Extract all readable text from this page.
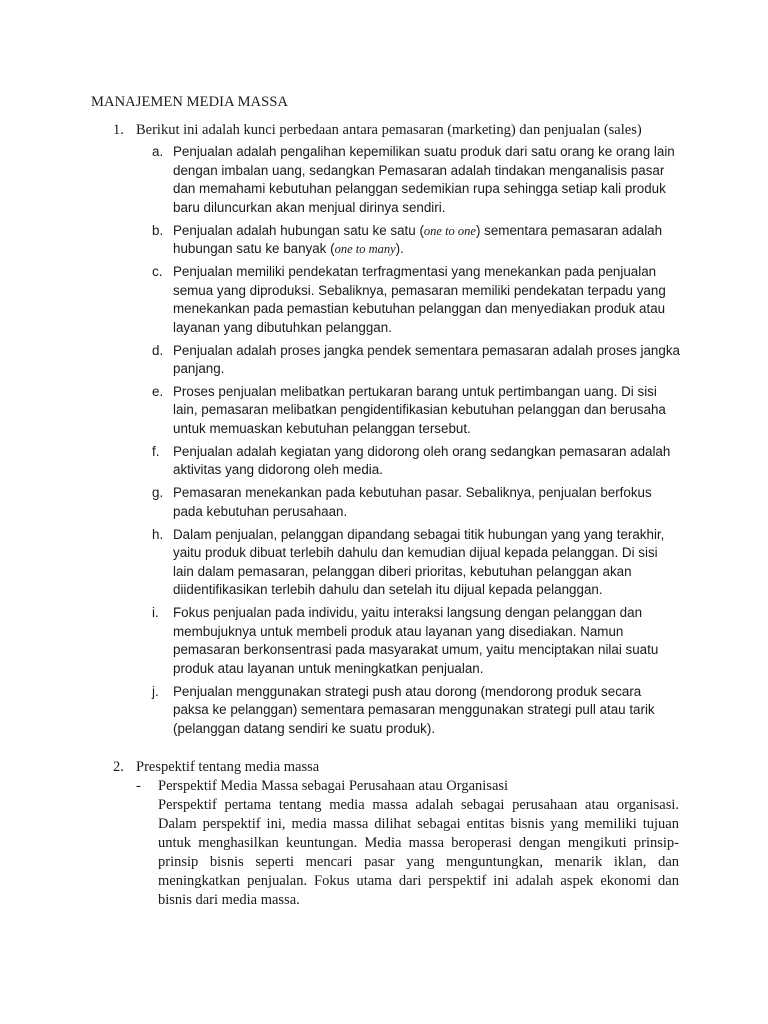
MANAJEMEN MEDIA MASSA
1. Berikut ini adalah kunci perbedaan antara pemasaran (marketing) dan penjualan (sales)
a. Penjualan adalah pengalihan kepemilikan suatu produk dari satu orang ke orang lain dengan imbalan uang, sedangkan Pemasaran adalah tindakan menganalisis pasar dan memahami kebutuhan pelanggan sedemikian rupa sehingga setiap kali produk baru diluncurkan akan menjual dirinya sendiri.
b. Penjualan adalah hubungan satu ke satu (one to one) sementara pemasaran adalah hubungan satu ke banyak (one to many).
c. Penjualan memiliki pendekatan terfragmentasi yang menekankan pada penjualan semua yang diproduksi. Sebaliknya, pemasaran memiliki pendekatan terpadu yang menekankan pada pemastian kebutuhan pelanggan dan menyediakan produk atau layanan yang dibutuhkan pelanggan.
d. Penjualan adalah proses jangka pendek sementara pemasaran adalah proses jangka panjang.
e. Proses penjualan melibatkan pertukaran barang untuk pertimbangan uang. Di sisi lain, pemasaran melibatkan pengidentifikasian kebutuhan pelanggan dan berusaha untuk memuaskan kebutuhan pelanggan tersebut.
f. Penjualan adalah kegiatan yang didorong oleh orang sedangkan pemasaran adalah aktivitas yang didorong oleh media.
g. Pemasaran menekankan pada kebutuhan pasar. Sebaliknya, penjualan berfokus pada kebutuhan perusahaan.
h. Dalam penjualan, pelanggan dipandang sebagai titik hubungan yang yang terakhir, yaitu produk dibuat terlebih dahulu dan kemudian dijual kepada pelanggan. Di sisi lain dalam pemasaran, pelanggan diberi prioritas, kebutuhan pelanggan akan diidentifikasikan terlebih dahulu dan setelah itu dijual kepada pelanggan.
i. Fokus penjualan pada individu, yaitu interaksi langsung dengan pelanggan dan membujuknya untuk membeli produk atau layanan yang disediakan. Namun pemasaran berkonsentrasi pada masyarakat umum, yaitu menciptakan nilai suatu produk atau layanan untuk meningkatkan penjualan.
j. Penjualan menggunakan strategi push atau dorong (mendorong produk secara paksa ke pelanggan) sementara pemasaran menggunakan strategi pull atau tarik (pelanggan datang sendiri ke suatu produk).
2. Prespektif tentang media massa
- Perspektif Media Massa sebagai Perusahaan atau Organisasi

Perspektif pertama tentang media massa adalah sebagai perusahaan atau organisasi. Dalam perspektif ini, media massa dilihat sebagai entitas bisnis yang memiliki tujuan untuk menghasilkan keuntungan. Media massa beroperasi dengan mengikuti prinsip-prinsip bisnis seperti mencari pasar yang menguntungkan, menarik iklan, dan meningkatkan penjualan. Fokus utama dari perspektif ini adalah aspek ekonomi dan bisnis dari media massa.
